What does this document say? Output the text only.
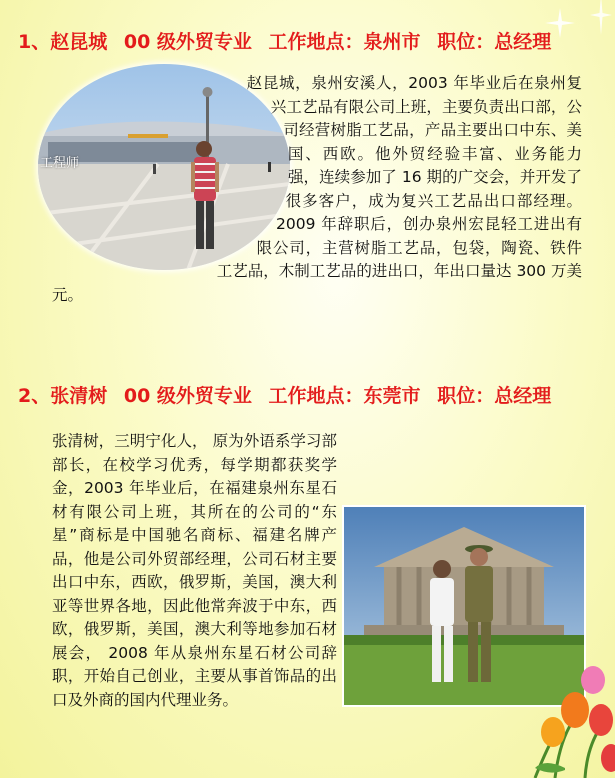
1、赵昆城 00 级外贸专业 工作地点：泉州市 职位：总经理
工程师
赵昆城，泉州安溪人，2003 年毕业后在泉州复兴工艺品有限公司上班，主要负责出口部，公司经营树脂工艺品，产品主要出口中东、美国、西欧。他外贸经验丰富、业务能力强，连续参加了 16 期的广交会，并开发了很多客户，成为复兴工艺品出口部经理。2009 年辞职后，创办泉州宏昆轻工进出有限公司，主营树脂工艺品，包袋，陶瓷、铁件工艺品，木制工艺品的进出口，年出口量达 300 万美元。
2、张清树 00 级外贸专业 工作地点：东莞市 职位：总经理
张清树，三明宁化人， 原为外语系学习部部长，在校学习优秀，每学期都获奖学金，2003 年毕业后，在福建泉州东星石材有限公司上班，其所在的公司的“东星”商标是中国驰名商标、福建名牌产品，他是公司外贸部经理，公司石材主要出口中东，西欧，俄罗斯，美国，澳大利亚等世界各地，因此他常奔波于中东，西欧，俄罗斯，美国，澳大利等地参加石材展会， 2008 年从泉州东星石材公司辞职，开始自己创业，主要从事首饰品的出口及外商的国内代理业务。
